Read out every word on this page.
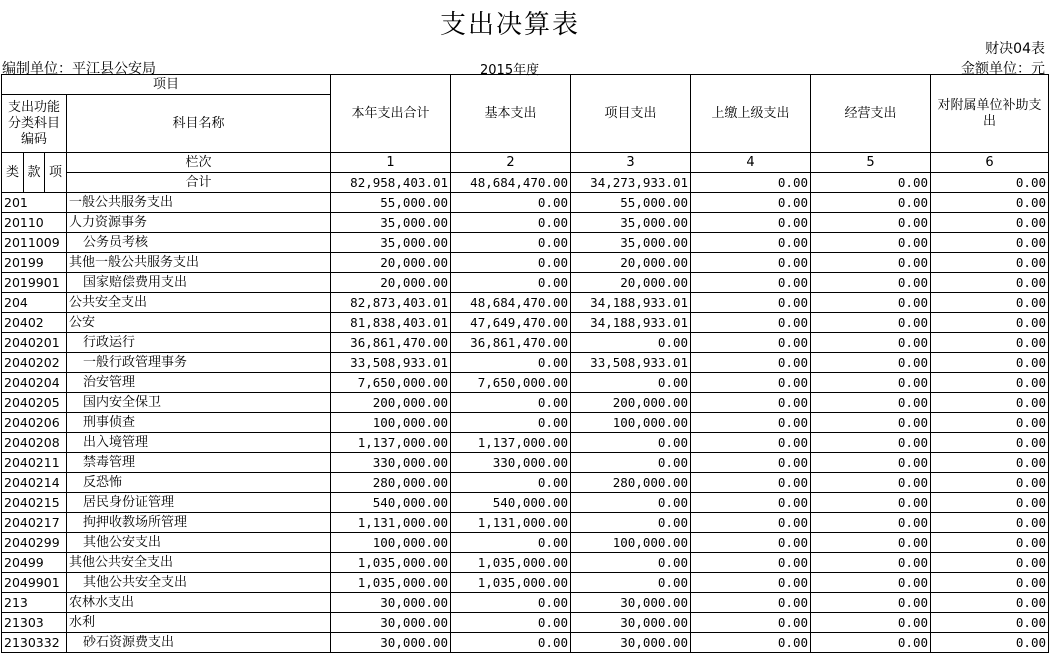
支出决算表
财决04表
编制单位：平江县公安局	2015年度	金额单位：元
项目				本年支出合计	基本支出	项目支出	上缴上级支出	经营支出	对附属单位补助支出
支出功能分类科目编码			科目名称						

类	款	项	栏次	1	2	3	4	5	6
			合计	82,958,403.01	48,684,470.00	34,273,933.01	0.00	0.00	0.00
201			一般公共服务支出	55,000.00	0.00	55,000.00	0.00	0.00	0.00
20110			人力资源事务	35,000.00	0.00	35,000.00	0.00	0.00	0.00
2011009			公务员考核	35,000.00	0.00	35,000.00	0.00	0.00	0.00
20199			其他一般公共服务支出	20,000.00	0.00	20,000.00	0.00	0.00	0.00
2019901			国家赔偿费用支出	20,000.00	0.00	20,000.00	0.00	0.00	0.00
204			公共安全支出	82,873,403.01	48,684,470.00	34,188,933.01	0.00	0.00	0.00
20402			公安	81,838,403.01	47,649,470.00	34,188,933.01	0.00	0.00	0.00
2040201			行政运行	36,861,470.00	36,861,470.00	0.00	0.00	0.00	0.00
2040202			一般行政管理事务	33,508,933.01	0.00	33,508,933.01	0.00	0.00	0.00
2040204			治安管理	7,650,000.00	7,650,000.00	0.00	0.00	0.00	0.00
2040205			国内安全保卫	200,000.00	0.00	200,000.00	0.00	0.00	0.00
2040206			刑事侦查	100,000.00	0.00	100,000.00	0.00	0.00	0.00
2040208			出入境管理	1,137,000.00	1,137,000.00	0.00	0.00	0.00	0.00
2040211			禁毒管理	330,000.00	330,000.00	0.00	0.00	0.00	0.00
2040214			反恐怖	280,000.00	0.00	280,000.00	0.00	0.00	0.00
2040215			居民身份证管理	540,000.00	540,000.00	0.00	0.00	0.00	0.00
2040217			拘押收教场所管理	1,131,000.00	1,131,000.00	0.00	0.00	0.00	0.00
2040299			其他公安支出	100,000.00	0.00	100,000.00	0.00	0.00	0.00
20499			其他公共安全支出	1,035,000.00	1,035,000.00	0.00	0.00	0.00	0.00
2049901			其他公共安全支出	1,035,000.00	1,035,000.00	0.00	0.00	0.00	0.00
213			农林水支出	30,000.00	0.00	30,000.00	0.00	0.00	0.00
21303			水利	30,000.00	0.00	30,000.00	0.00	0.00	0.00
2130332			砂石资源费支出	30,000.00	0.00	30,000.00	0.00	0.00	0.00
